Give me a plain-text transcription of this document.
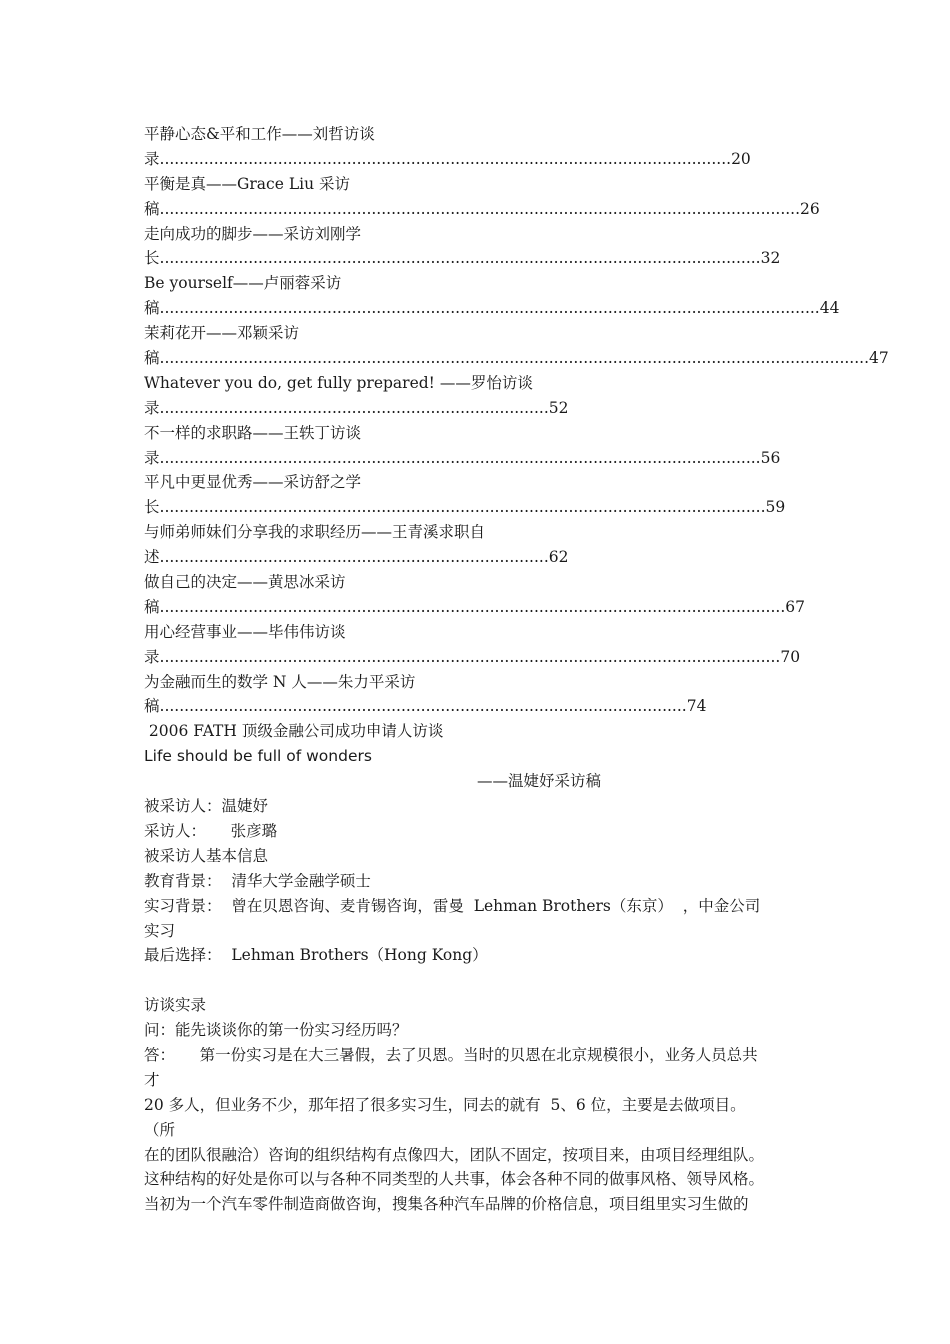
平静心态&平和工作——刘哲访谈
录....................................................................................................................20
平衡是真——Grace Liu 采访
稿..................................................................................................................................26
走向成功的脚步——采访刘刚学
长..........................................................................................................................32
Be yourself——卢丽蓉采访
稿......................................................................................................................................44
茉莉花开——邓颖采访
稿................................................................................................................................................47
Whatever you do, get fully prepared! ——罗怡访谈
录...............................................................................52
不一样的求职路——王轶丁访谈
录..........................................................................................................................56
平凡中更显优秀——采访舒之学
长...........................................................................................................................59
与师弟师妹们分享我的求职经历——王青溪求职自
述...............................................................................62
做自己的决定——黄思冰采访
稿...............................................................................................................................67
用心经营事业——毕伟伟访谈
录..............................................................................................................................70
为金融而生的数学 N 人——朱力平采访
稿...........................................................................................................74
2006 FATH 顶级金融公司成功申请人访谈
Life should be full of wonders
——温婕妤采访稿
被采访人：温婕妤
采访人：     张彦璐
被采访人基本信息
教育背景：  清华大学金融学硕士
实习背景：  曾在贝恩咨询、麦肯锡咨询，雷曼  Lehman Brothers（东京）  ，中金公司
实习
最后选择：  Lehman Brothers（Hong Kong）
访谈实录
问：能先谈谈你的第一份实习经历吗？
答：     第一份实习是在大三暑假，去了贝恩。当时的贝恩在北京规模很小，业务人员总共
才
20 多人，但业务不少，那年招了很多实习生，同去的就有  5、6 位，主要是去做项目。
（所
在的团队很融洽）咨询的组织结构有点像四大，团队不固定，按项目来，由项目经理组队。
这种结构的好处是你可以与各种不同类型的人共事，体会各种不同的做事风格、领导风格。
当初为一个汽车零件制造商做咨询，搜集各种汽车品牌的价格信息，项目组里实习生做的
